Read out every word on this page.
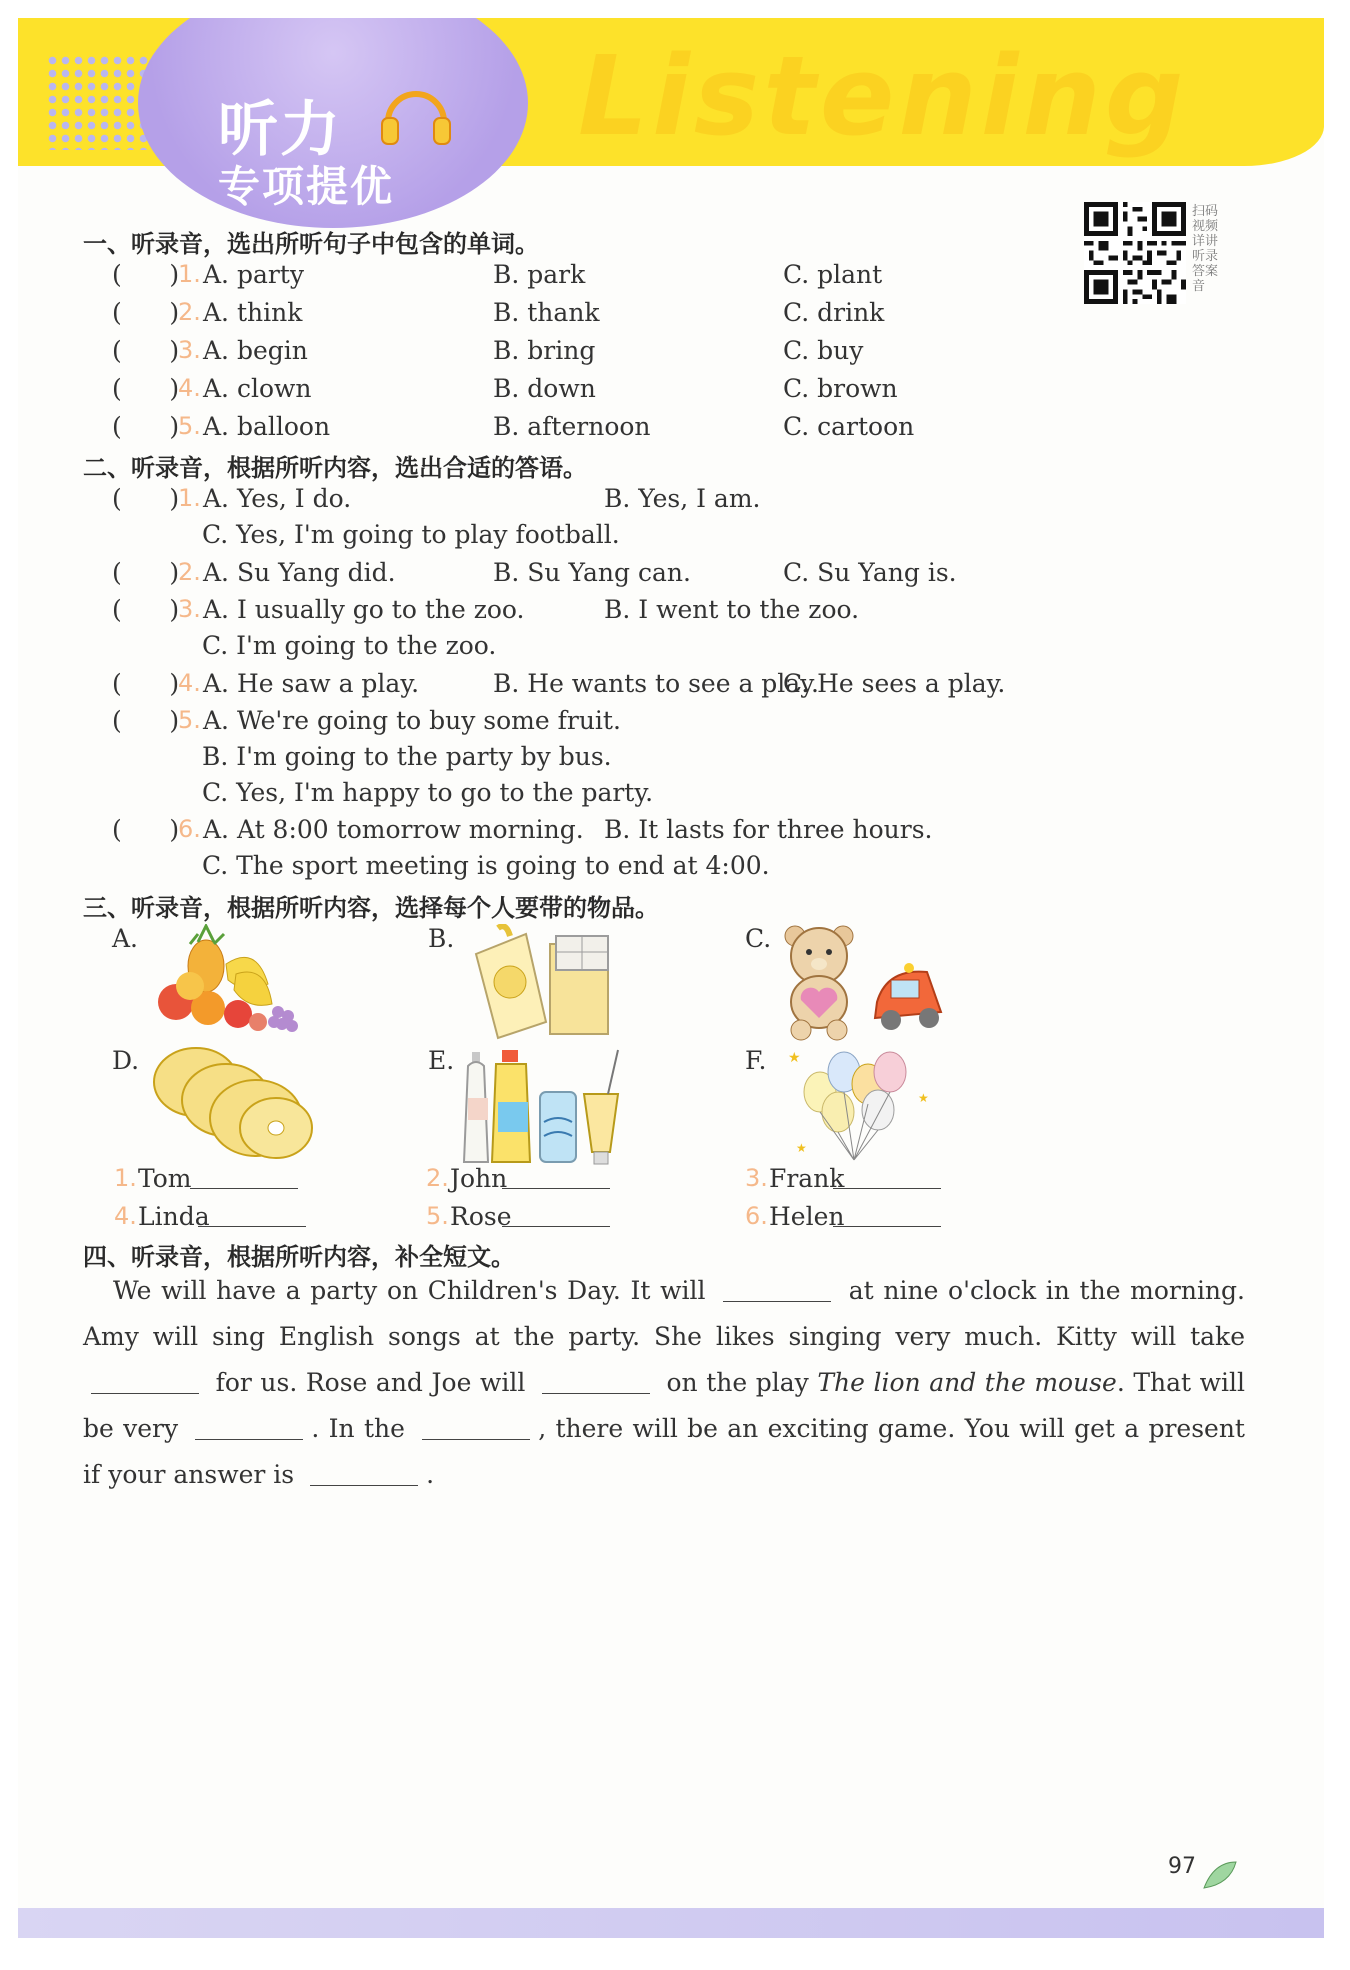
听力
专项提优
Listening
扫码
视频
详讲
听录
答案
音
一、听录音，选出所听句子中包含的单词。
(      )
1. A. party	B. park	C. plant
(      )
2. A. think	B. thank	C. drink
(      )
3. A. begin	B. bring	C. buy
(      )
4. A. clown	B. down	C. brown
(      )
5. A. balloon	B. afternoon	C. cartoon
二、听录音，根据所听内容，选出合适的答语。
(      )
1. A. Yes, I do.	B. Yes, I am.
C. Yes, I'm going to play football.
(      )
2. A. Su Yang did.	B. Su Yang can.	C. Su Yang is.
(      )
3. A. I usually go to the zoo.	B. I went to the zoo.
C. I'm going to the zoo.
(      )
4. A. He saw a play.	B. He wants to see a play.
C. He sees a play.
(      )
5. A. We're going to buy some fruit.
B. I'm going to the party by bus.
C. Yes, I'm happy to go to the party.
(      )
6. A. At 8:00 tomorrow morning. B. It lasts for three hours.
C. The sport meeting is going to end at 4:00.
三、听录音，根据所听内容，选择每个人要带的物品。
A.	B.	C.
D.	E.	F. ★
★
★
1. Tom	2. John	3. Frank
4. Linda	5. Rose	6. Helen
四、听录音，根据所听内容，补全短文。
We will have a party on Children's Day. It will	at nine o'clock in the morning. Amy will sing English songs at the party. She likes singing very much. Kitty will take  for us. Rose and Joe will	on the play The lion and the mouse. That will be very	. In the	, there will be an exciting game. You will get a present if your answer is	.
97
